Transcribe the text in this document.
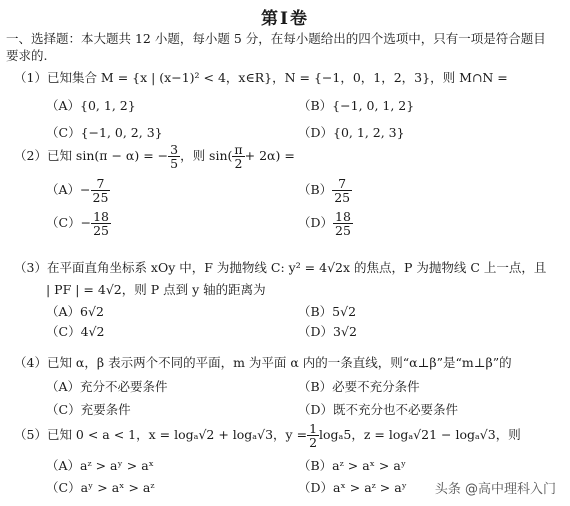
第Ⅰ卷
一、选择题：本大题共 12 小题，每小题 5 分，在每小题给出的四个选项中，只有一项是符合题目要求的.
（1）已知集合 M = {x | (x−1)² < 4，x∈R}，N = {−1，0，1，2，3}，则 M∩N =
（A）{0, 1, 2}	（B）{−1, 0, 1, 2}
（C）{−1, 0, 2, 3}	（D）{0, 1, 2, 3}
（2）已知 sin(π − α) = − $\frac{3}{5}$ ，则 $\sin( \frac{\pi}{2} + 2\alpha)$ =
$(A)- \frac{7}{25}$	$(B) \frac{7}{25}$
$(C)- \frac{18}{25}$	$(D) \frac{18}{25}$
（3）在平面直角坐标系 xOy 中，F 为抛物线 C: y² = 4√2x 的焦点，P 为抛物线 C 上一点，且
| PF | = 4√2，则 P 点到 y 轴的距离为
（A）6√2	（B）5√2
（C）4√2	（D）3√2
（4）已知 α，β 表示两个不同的平面，m 为平面 α 内的一条直线，则“α⊥β”是“m⊥β”的
（A）充分不必要条件	（B）必要不充分条件
（C）充要条件	（D）既不充分也不必要条件
（5）已知 0 < a < 1，x = logₐ√2 + logₐ√3，$y = \frac{1}{2} \log_a5$，z = logₐ√21 − logₐ√3，则
（A）aᶻ > aʸ > aˣ	（B）aᶻ > aˣ > aʸ
（C）aʸ > aˣ > aᶻ	（D）aˣ > aᶻ > aʸ 头条 @高中理科入门
